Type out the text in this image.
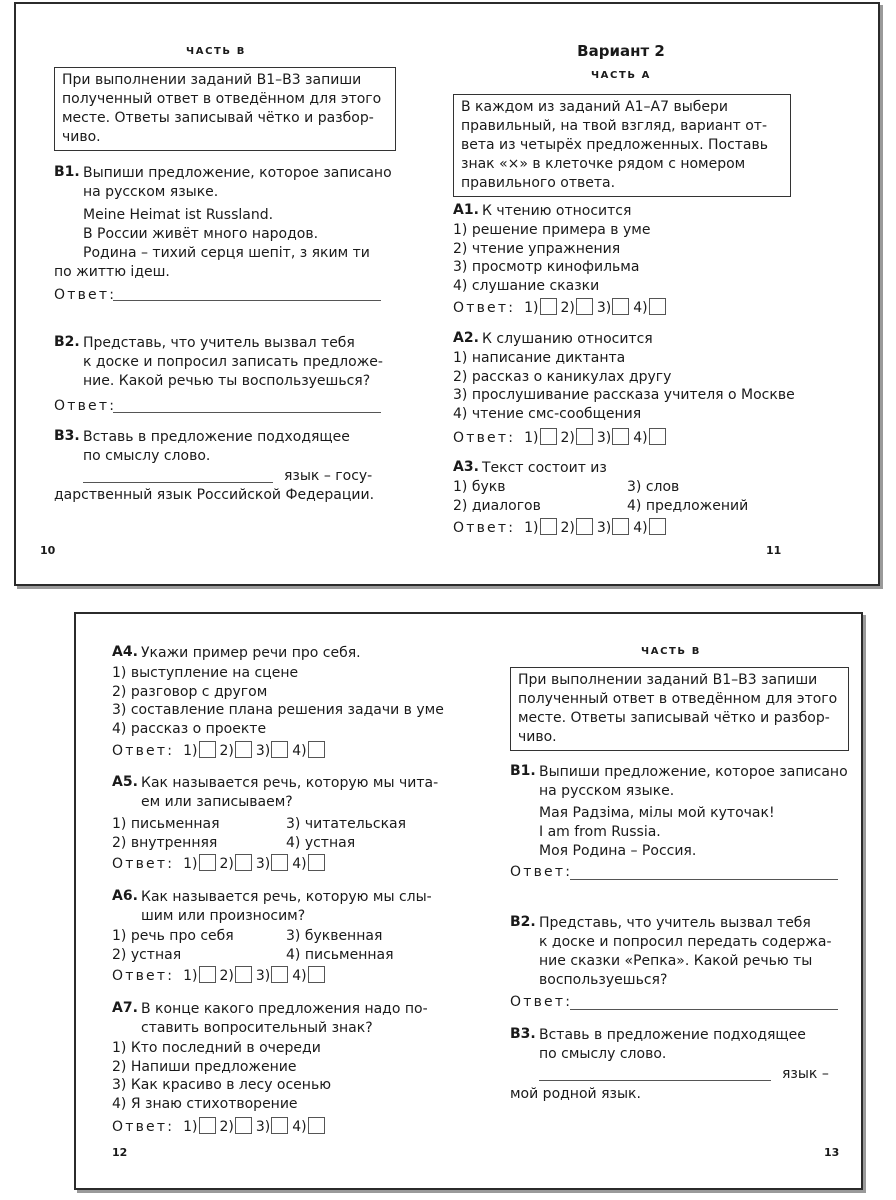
ЧАСТЬ В
При выполнении заданий В1–В3 запиши
полученный ответ в отведённом для этого
месте. Ответы записывай чётко и разбор-
чиво.
В1. Выпиши предложение, которое записано
на русском языке.
Meine Heimat ist Russland.
В России живёт много народов.
Родина – тихий серця шепіт, з яким ти
по життю ідеш.
Ответ:
В2. Представь, что учитель вызвал тебя
к доске и попросил записать предложе-
ние. Какой речью ты воспользуешься?
Ответ:
В3. Вставь в предложение подходящее
по смыслу слово.
язык – госу-
дарственный язык Российской Федерации.
10
Вариант 2
ЧАСТЬ А
В каждом из заданий А1–А7 выбери
правильный, на твой взгляд, вариант от-
вета из четырёх предложенных. Поставь
знак «×» в клеточке рядом с номером
правильного ответа.
А1. К чтению относится
1) решение примера в уме
2) чтение упражнения
3) просмотр кинофильма
4) слушание сказки
Ответ: 1) 2) 3) 4)
А2. К слушанию относится
1) написание диктанта
2) рассказ о каникулах другу
3) прослушивание рассказа учителя о Москве
4) чтение смс-сообщения
Ответ: 1) 2) 3) 4)
А3. Текст состоит из
1) букв
2) диалогов
3) слов
4) предложений
Ответ: 1) 2) 3) 4)
11
А4. Укажи пример речи про себя.
1) выступление на сцене
2) разговор с другом
3) составление плана решения задачи в уме
4) рассказ о проекте
Ответ: 1) 2) 3) 4)
А5. Как называется речь, которую мы чита-
ем или записываем?
1) письменная
2) внутренняя
3) читательская
4) устная
Ответ: 1) 2) 3) 4)
А6. Как называется речь, которую мы слы-
шим или произносим?
1) речь про себя
2) устная
3) буквенная
4) письменная
Ответ: 1) 2) 3) 4)
А7. В конце какого предложения надо по-
ставить вопросительный знак?
1) Кто последний в очереди
2) Напиши предложение
3) Как красиво в лесу осенью
4) Я знаю стихотворение
Ответ: 1) 2) 3) 4)
12
ЧАСТЬ В
При выполнении заданий В1–В3 запиши
полученный ответ в отведённом для этого
месте. Ответы записывай чётко и разбор-
чиво.
В1. Выпиши предложение, которое записано
на русском языке.
Мая Радзіма, мілы мой куточак!
I am from Russia.
Моя Родина – Россия.
Ответ:
В2. Представь, что учитель вызвал тебя
к доске и попросил передать содержа-
ние сказки «Репка». Какой речью ты
воспользуешься?
Ответ:
В3. Вставь в предложение подходящее
по смыслу слово.
язык –
мой родной язык.
13
